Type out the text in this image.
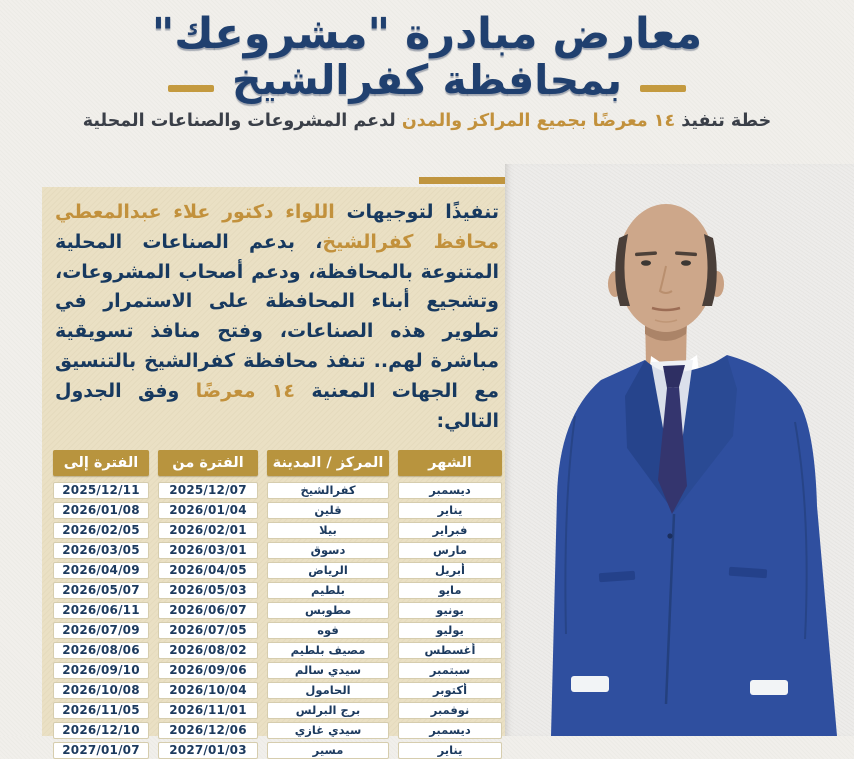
معارض مبادرة "مشروعك"
بمحافظة كفرالشيخ
خطة تنفيذ ١٤ معرضًا بجميع المراكز والمدن لدعم المشروعات والصناعات المحلية

تنفيذًا لتوجيهات اللواء دكتور علاء عبدالمعطي محافظ كفرالشيخ، بدعم الصناعات المحلية المتنوعة بالمحافظة، ودعم أصحاب المشروعات، وتشجيع أبناء المحافظة على الاستمرار في تطوير هذه الصناعات، وفتح منافذ تسويقية مباشرة لهم.. تنفذ محافظة كفرالشيخ بالتنسيق مع الجهات المعنية ١٤ معرضًا وفق الجدول التالي:

الشهر
المركز / المدينة
الفترة من
الفترة إلى
ديسمبر
كفرالشيخ
2025/12/07
2025/12/11
يناير
قلين
2026/01/04
2026/01/08
فبراير
بيلا
2026/02/01
2026/02/05
مارس
دسوق
2026/03/01
2026/03/05
أبريل
الرياض
2026/04/05
2026/04/09
مايو
بلطيم
2026/05/03
2026/05/07
يونيو
مطوبس
2026/06/07
2026/06/11
يوليو
فوه
2026/07/05
2026/07/09
أغسطس
مصيف بلطيم
2026/08/02
2026/08/06
سبتمبر
سيدي سالم
2026/09/06
2026/09/10
أكتوبر
الحامول
2026/10/04
2026/10/08
نوفمبر
برج البرلس
2026/11/01
2026/11/05
ديسمبر
سيدي غازي
2026/12/06
2026/12/10
يناير
مسير
2027/01/03
2027/01/07
